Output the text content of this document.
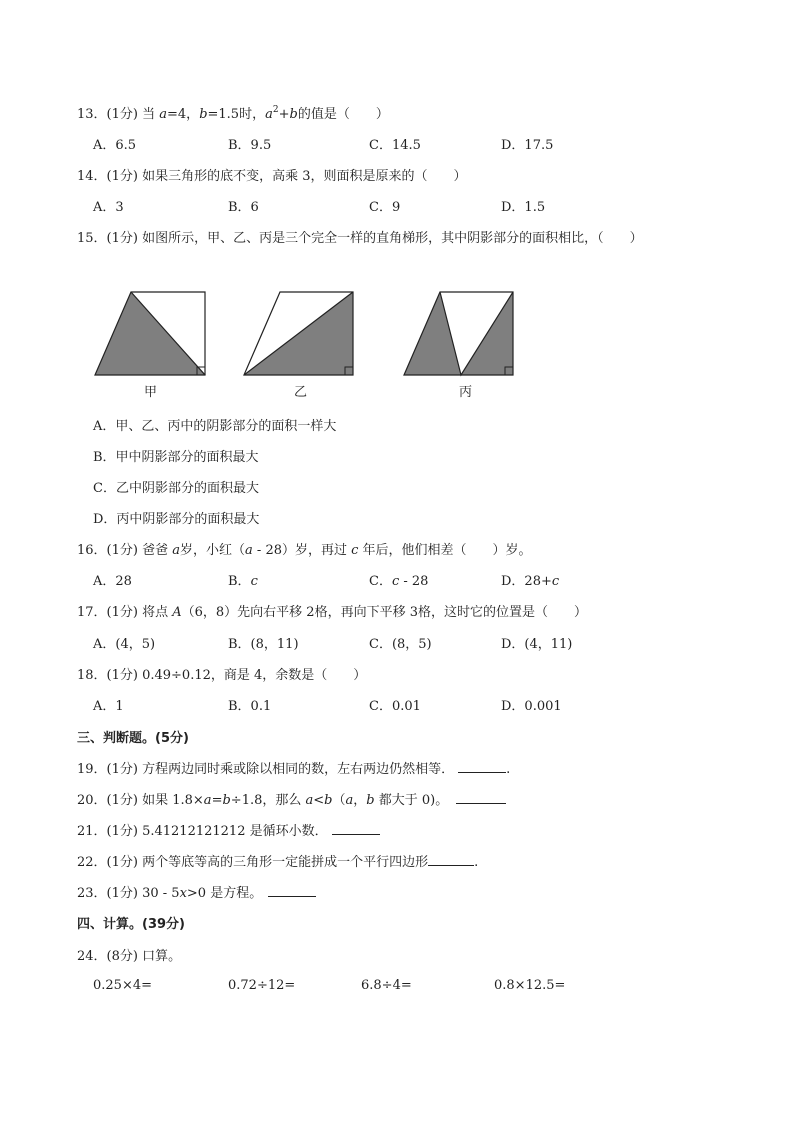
13．(1分) 当 a=4，b=1.5时，$a^2+b$的值是（　　）
A．6.5	B．9.5	C．14.5	D．17.5
14．(1分) 如果三角形的底不变，高乘 3，则面积是原来的（　　）
A．3	B．6	C．9	D．1.5
15．(1分) 如图所示，甲、乙、丙是三个完全一样的直角梯形，其中阴影部分的面积相比，（　　）
甲	乙	丙
A．甲、乙、丙中的阴影部分的面积一样大
B．甲中阴影部分的面积最大
C．乙中阴影部分的面积最大
D．丙中阴影部分的面积最大
16．(1分) 爸爸 a岁，小红（a - 28）岁，再过 c 年后，他们相差（　　）岁。
A．28	B．c	C．c - 28	D．28+c
17．(1分) 将点 A（6，8）先向右平移 2格，再向下平移 3格，这时它的位置是（　　）
A．(4，5)	B．(8，11)	C．(8，5)	D．(4，11)
18．(1分) 0.49÷0.12，商是 4，余数是（　　）
A．1	B．0.1	C．0.01	D．0.001
三、判断题。(5分)
19．(1分) 方程两边同时乘或除以相同的数，左右两边仍然相等．	.
20．(1分) 如果 1.8×a=b÷1.8，那么 a<b（a，b 都大于 0)。
21．(1分) 5.41212121212 是循环小数．
22．(1分) 两个等底等高的三角形一定能拼成一个平行四边形	.
23．(1分) 30 - 5x>0 是方程。
四、计算。(39分)
24．(8分) 口算。
0.25×4=	0.72÷12=	6.8÷4=	0.8×12.5=
